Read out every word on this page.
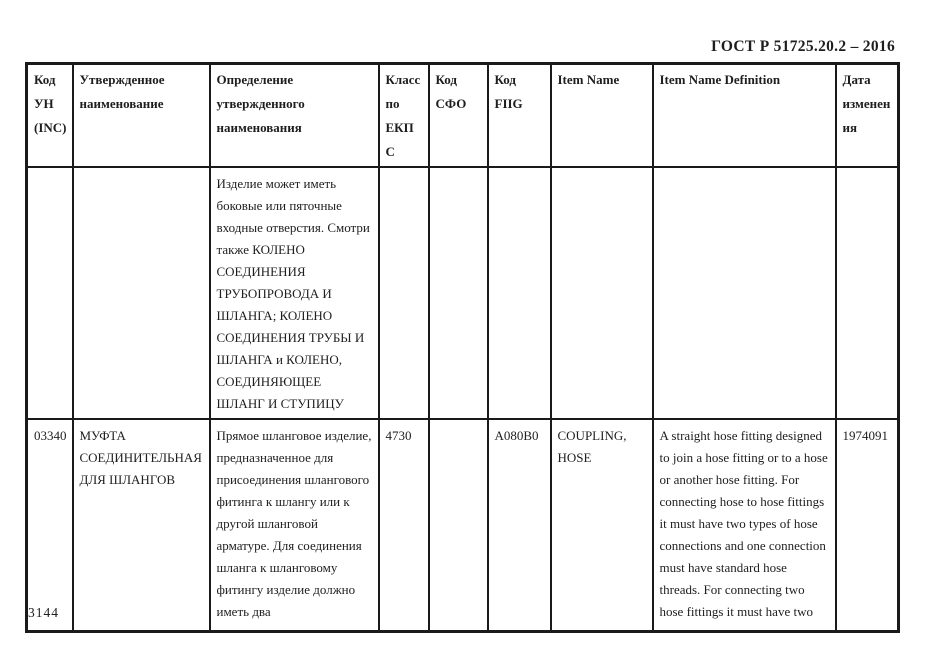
ГОСТ Р 51725.20.2 – 2016
Код УН (INC)	Утвержденное наименование	Определение утвержденного наименования	Класс по ЕКПС	Код СФО	Код FIIG	Item Name	Item Name Definition	Дата изменения
		Изделие может иметь боковые или пяточные входные отверстия. Смотри также КОЛЕНО СОЕДИНЕНИЯ ТРУБОПРОВОДА И ШЛАНГА; КОЛЕНО СОЕДИНЕНИЯ ТРУБЫ И ШЛАНГА и КОЛЕНО, СОЕДИНЯЮЩЕЕ ШЛАНГ И СТУПИЦУ						
03340	МУФТА СОЕДИНИТЕЛЬНАЯ ДЛЯ ШЛАНГОВ	Прямое шланговое изделие, предназначенное для присоединения шлангового фитинга к шлангу или к другой шланговой арматуре. Для соединения шланга к шланговому фитингу изделие должно иметь два	4730		A080B0	COUPLING, HOSE	A straight hose fitting designed to join a hose fitting or to a hose or another hose fitting. For connecting hose to hose fittings it must have two types of hose connections and one connection must have standard hose threads. For connecting two hose fittings it must have two	1974091
3144
